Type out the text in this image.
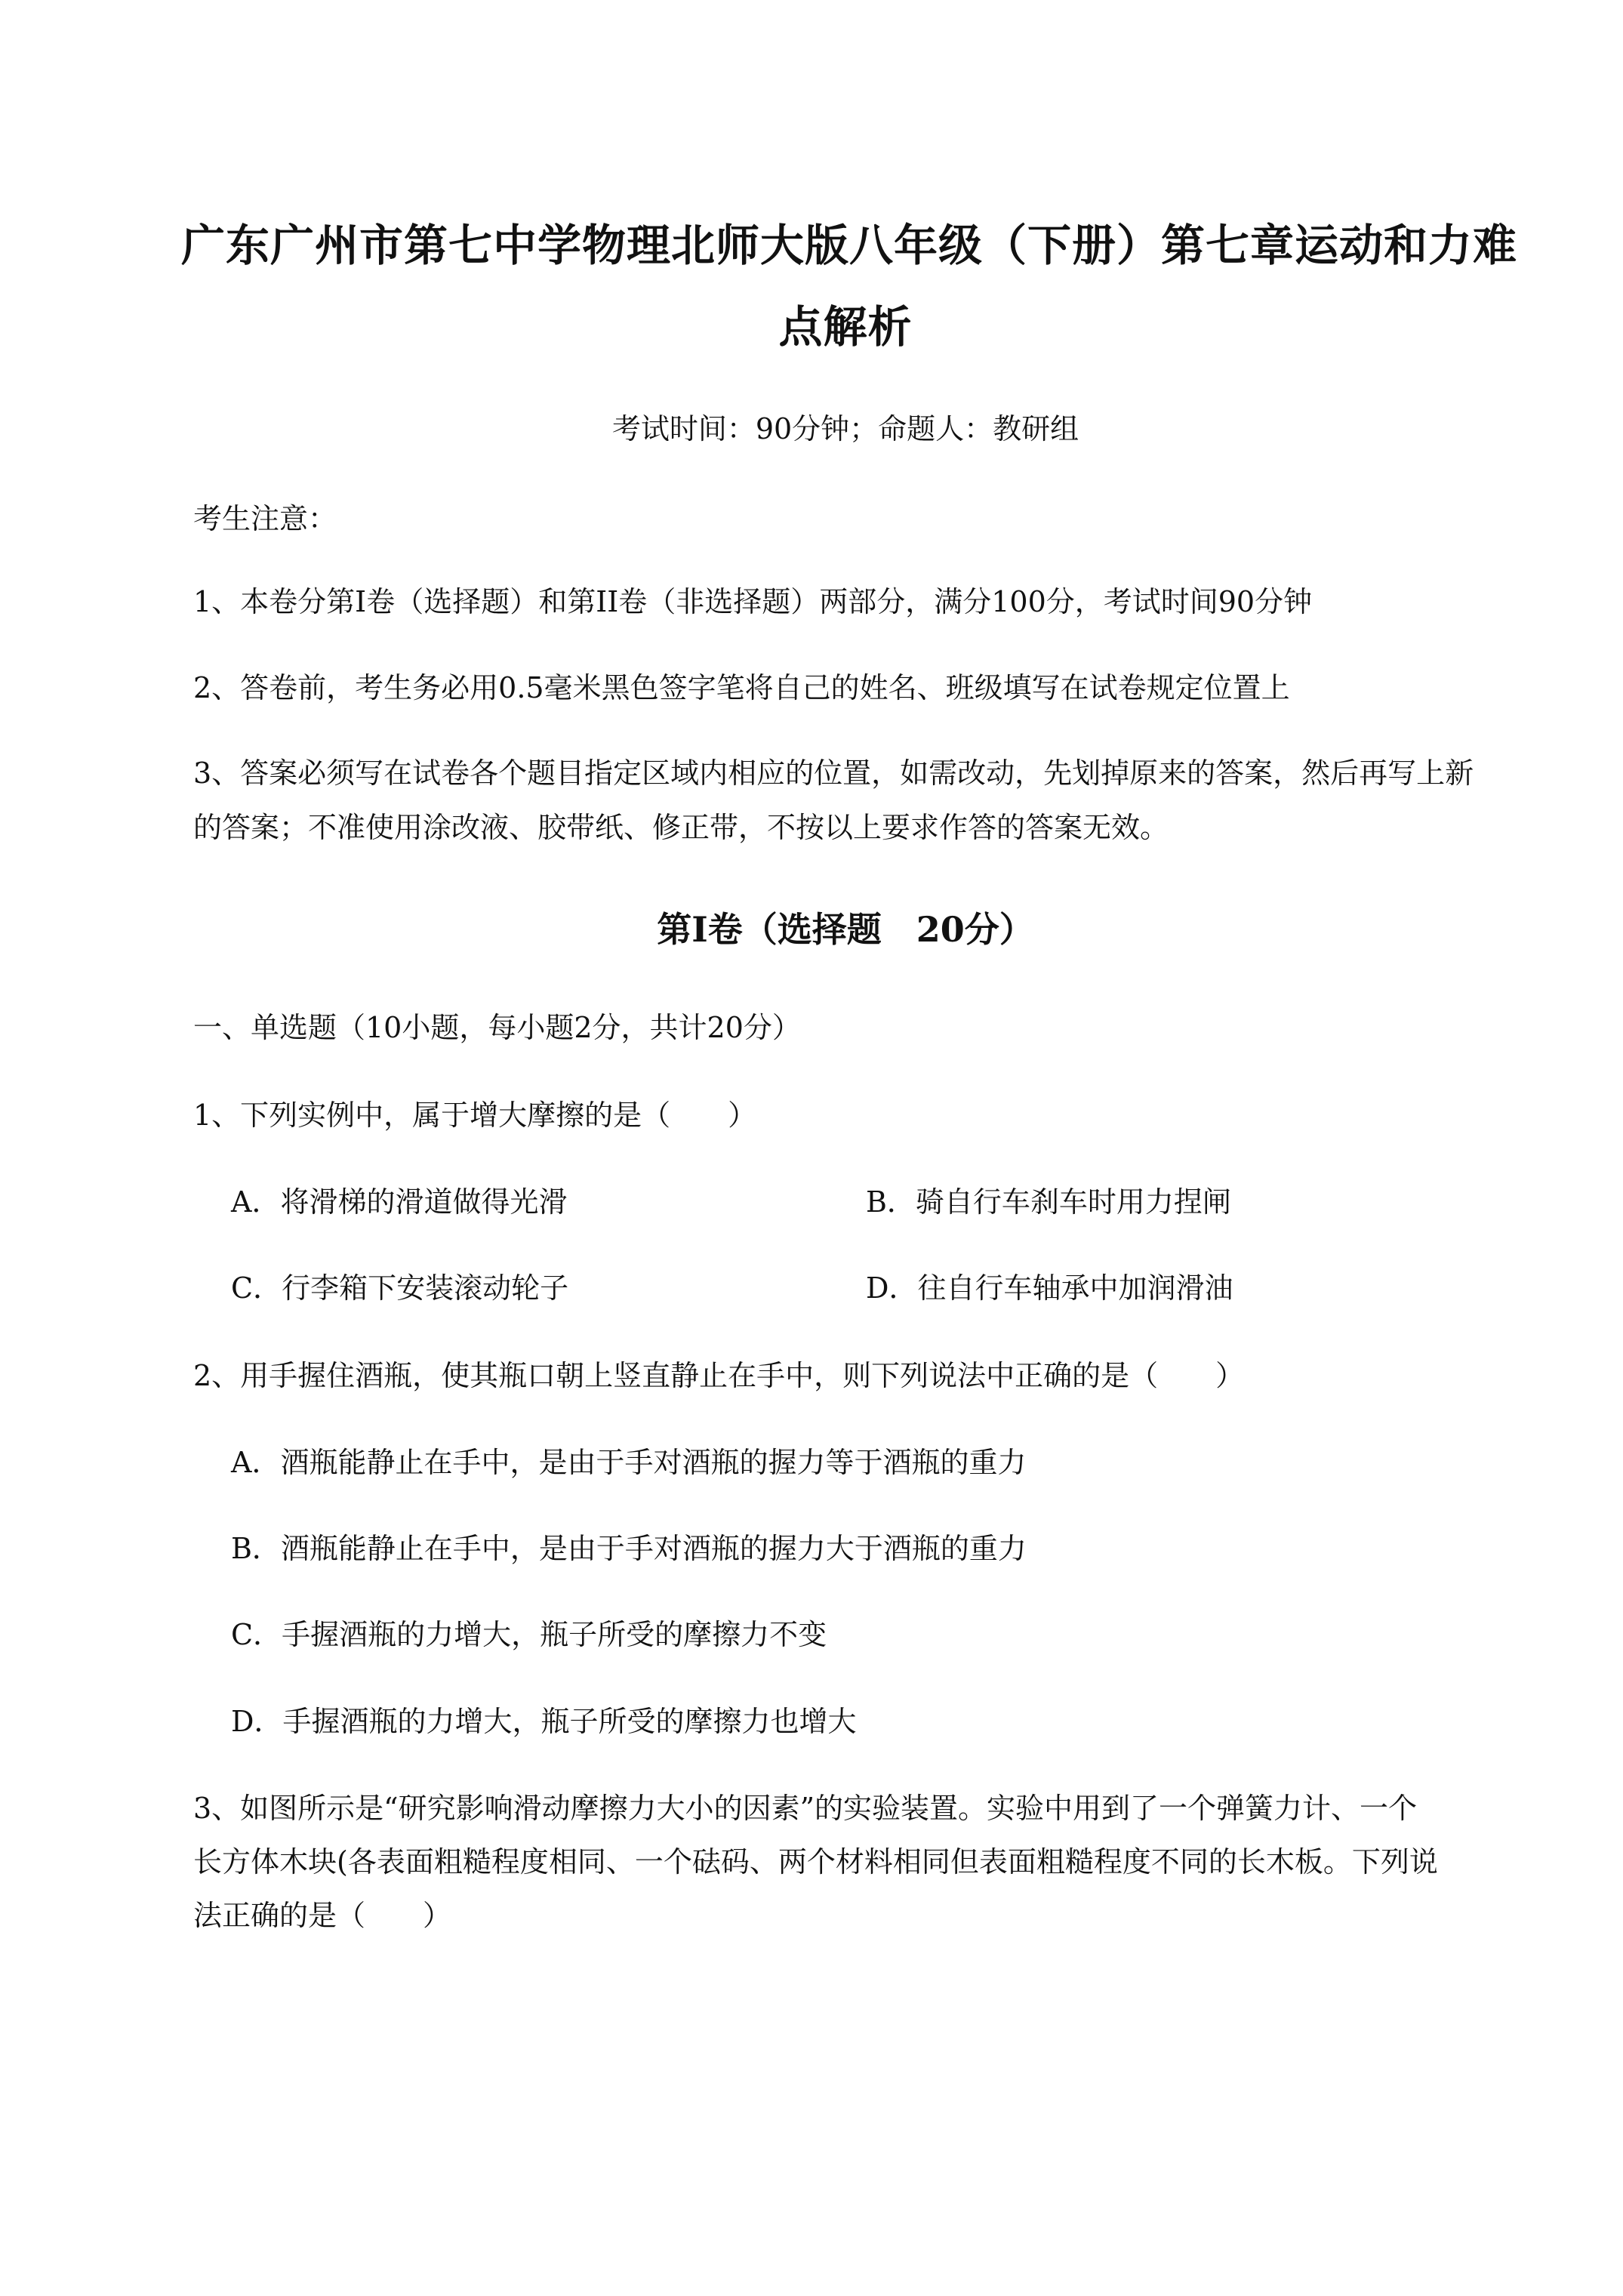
广东广州市第七中学物理北师大版八年级（下册）第七章运动和力难
点解析
考试时间：90分钟；命题人：教研组
考生注意：
1、本卷分第I卷（选择题）和第II卷（非选择题）两部分，满分100分，考试时间90分钟
2、答卷前，考生务必用0.5毫米黑色签字笔将自己的姓名、班级填写在试卷规定位置上
3、答案必须写在试卷各个题目指定区域内相应的位置，如需改动，先划掉原来的答案，然后再写上新
的答案；不准使用涂改液、胶带纸、修正带，不按以上要求作答的答案无效。
第I卷（选择题　20分）
一、单选题（10小题，每小题2分，共计20分）
1、下列实例中，属于增大摩擦的是（　　）
A．将滑梯的滑道做得光滑	B．骑自行车刹车时用力捏闸
C．行李箱下安装滚动轮子	D．往自行车轴承中加润滑油
2、用手握住酒瓶，使其瓶口朝上竖直静止在手中，则下列说法中正确的是（　　）
A．酒瓶能静止在手中，是由于手对酒瓶的握力等于酒瓶的重力
B．酒瓶能静止在手中，是由于手对酒瓶的握力大于酒瓶的重力
C．手握酒瓶的力增大，瓶子所受的摩擦力不变
D．手握酒瓶的力增大，瓶子所受的摩擦力也增大
3、如图所示是“研究影响滑动摩擦力大小的因素”的实验装置。实验中用到了一个弹簧力计、一个
长方体木块(各表面粗糙程度相同、一个砝码、两个材料相同但表面粗糙程度不同的长木板。下列说
法正确的是（　　）
